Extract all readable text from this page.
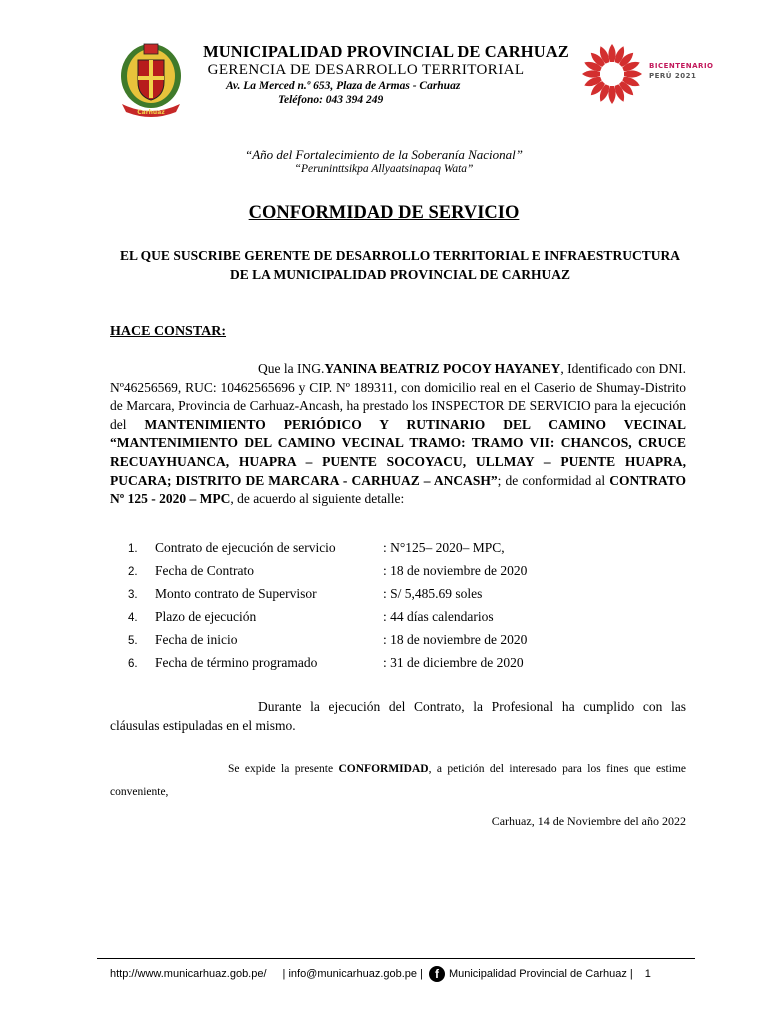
Carhuaz
MUNICIPALIDAD PROVINCIAL DE CARHUAZ
GERENCIA DE DESARROLLO TERRITORIAL
Av. La Merced n.º 653, Plaza de Armas - Carhuaz
Teléfono: 043 394 249
BICENTENARIO
PERÚ 2021
“Año del Fortalecimiento de la Soberanía Nacional”
“Peruninttsikpa Allyaatsinapaq Wata”
CONFORMIDAD DE SERVICIO
EL QUE SUSCRIBE GERENTE DE DESARROLLO TERRITORIAL E INFRAESTRUCTURA DE LA MUNICIPALIDAD PROVINCIAL DE CARHUAZ
HACE CONSTAR:

Que la ING.YANINA BEATRIZ POCOY HAYANEY, Identificado con DNI. Nº46256569, RUC: 10462565696 y CIP. Nº 189311, con domicilio real en el Caserio de Shumay-Distrito de Marcara, Provincia de Carhuaz-Ancash, ha prestado los INSPECTOR DE SERVICIO para la ejecución del MANTENIMIENTO PERIÓDICO Y RUTINARIO DEL CAMINO VECINAL “MANTENIMIENTO DEL CAMINO VECINAL TRAMO: TRAMO VII: CHANCOS, CRUCE RECUAYHUANCA, HUAPRA – PUENTE SOCOYACU, ULLMAY – PUENTE HUAPRA, PUCARA; DISTRITO DE MARCARA - CARHUAZ – ANCASH”; de conformidad al CONTRATO Nº 125 - 2020 – MPC, de acuerdo al siguiente detalle:

1.	Contrato de ejecución de servicio	: N°125– 2020– MPC,
2.	Fecha de Contrato	: 18 de noviembre de 2020
3.	Monto contrato de Supervisor	: S/ 5,485.69 soles
4.	Plazo de ejecución	: 44 días calendarios
5.	Fecha de inicio	: 18 de noviembre de 2020
6.	Fecha de término programado	: 31 de diciembre de 2020

Durante la ejecución del Contrato, la Profesional ha cumplido con las cláusulas estipuladas en el mismo.

Se expide la presente CONFORMIDAD, a petición del interesado para los fines que estime conveniente,

Carhuaz, 14 de Noviembre del año 2022
http://www.municarhuaz.gob.pe/ | info@municarhuaz.gob.pe |	f Municipalidad Provincial de Carhuaz | 1
